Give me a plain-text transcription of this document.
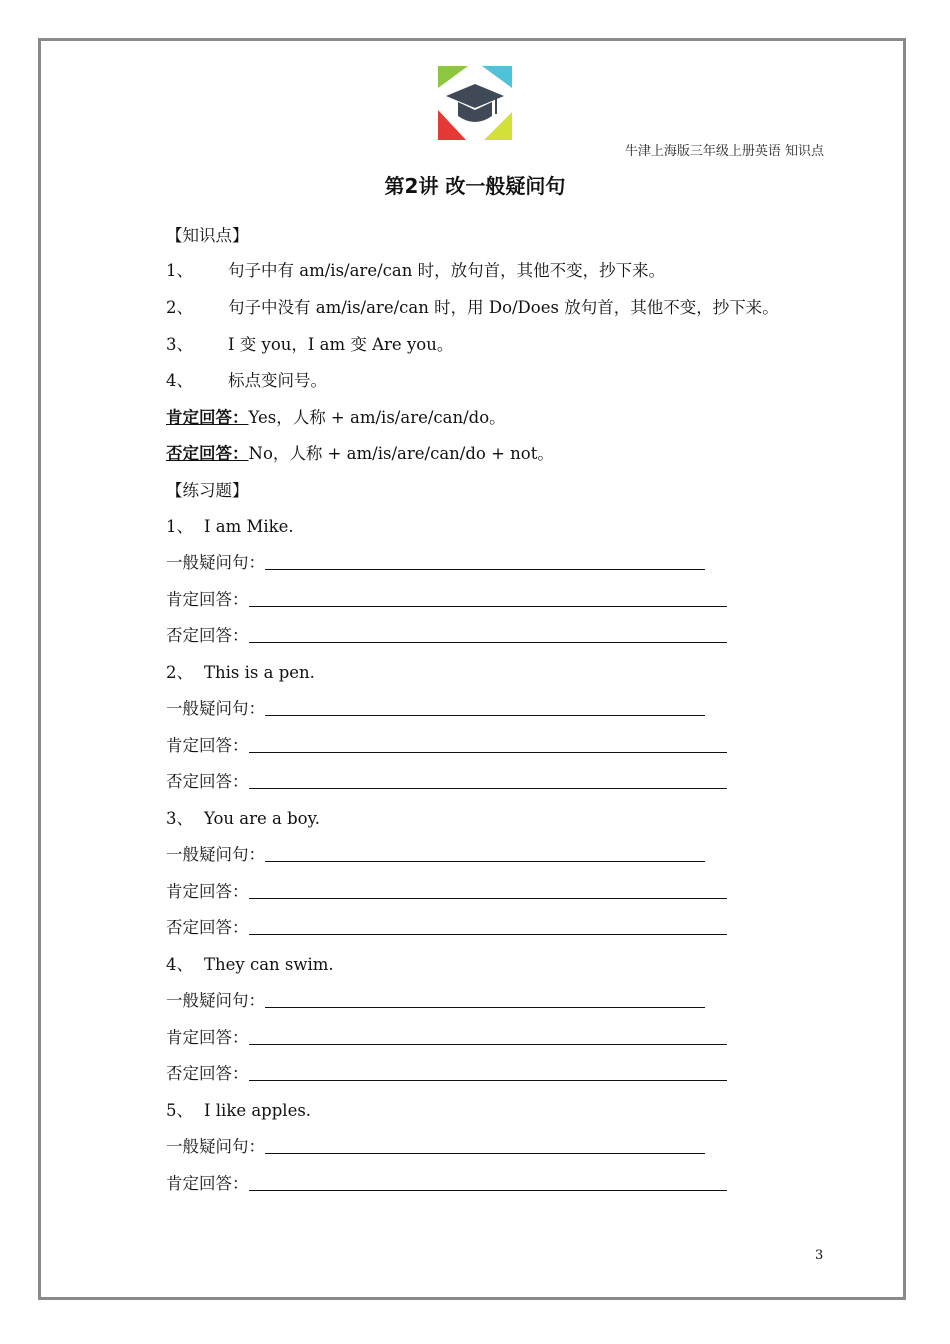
牛津上海版三年级上册英语 知识点
第2讲 改一般疑问句
【知识点】
1、 句子中有 am/is/are/can 时，放句首，其他不变，抄下来。
2、 句子中没有 am/is/are/can 时，用 Do/Does 放句首，其他不变，抄下来。
3、 I 变 you，I am 变 Are you。
4、 标点变问号。
肯定回答：Yes，人称 + am/is/are/can/do。
否定回答：No，人称 + am/is/are/can/do + not。
【练习题】
1、 I am Mike.
一般疑问句：
肯定回答：
否定回答：
2、 This is a pen.
一般疑问句：
肯定回答：
否定回答：
3、 You are a boy.
一般疑问句：
肯定回答：
否定回答：
4、 They can swim.
一般疑问句：
肯定回答：
否定回答：
5、 I like apples.
一般疑问句：
肯定回答：
3
